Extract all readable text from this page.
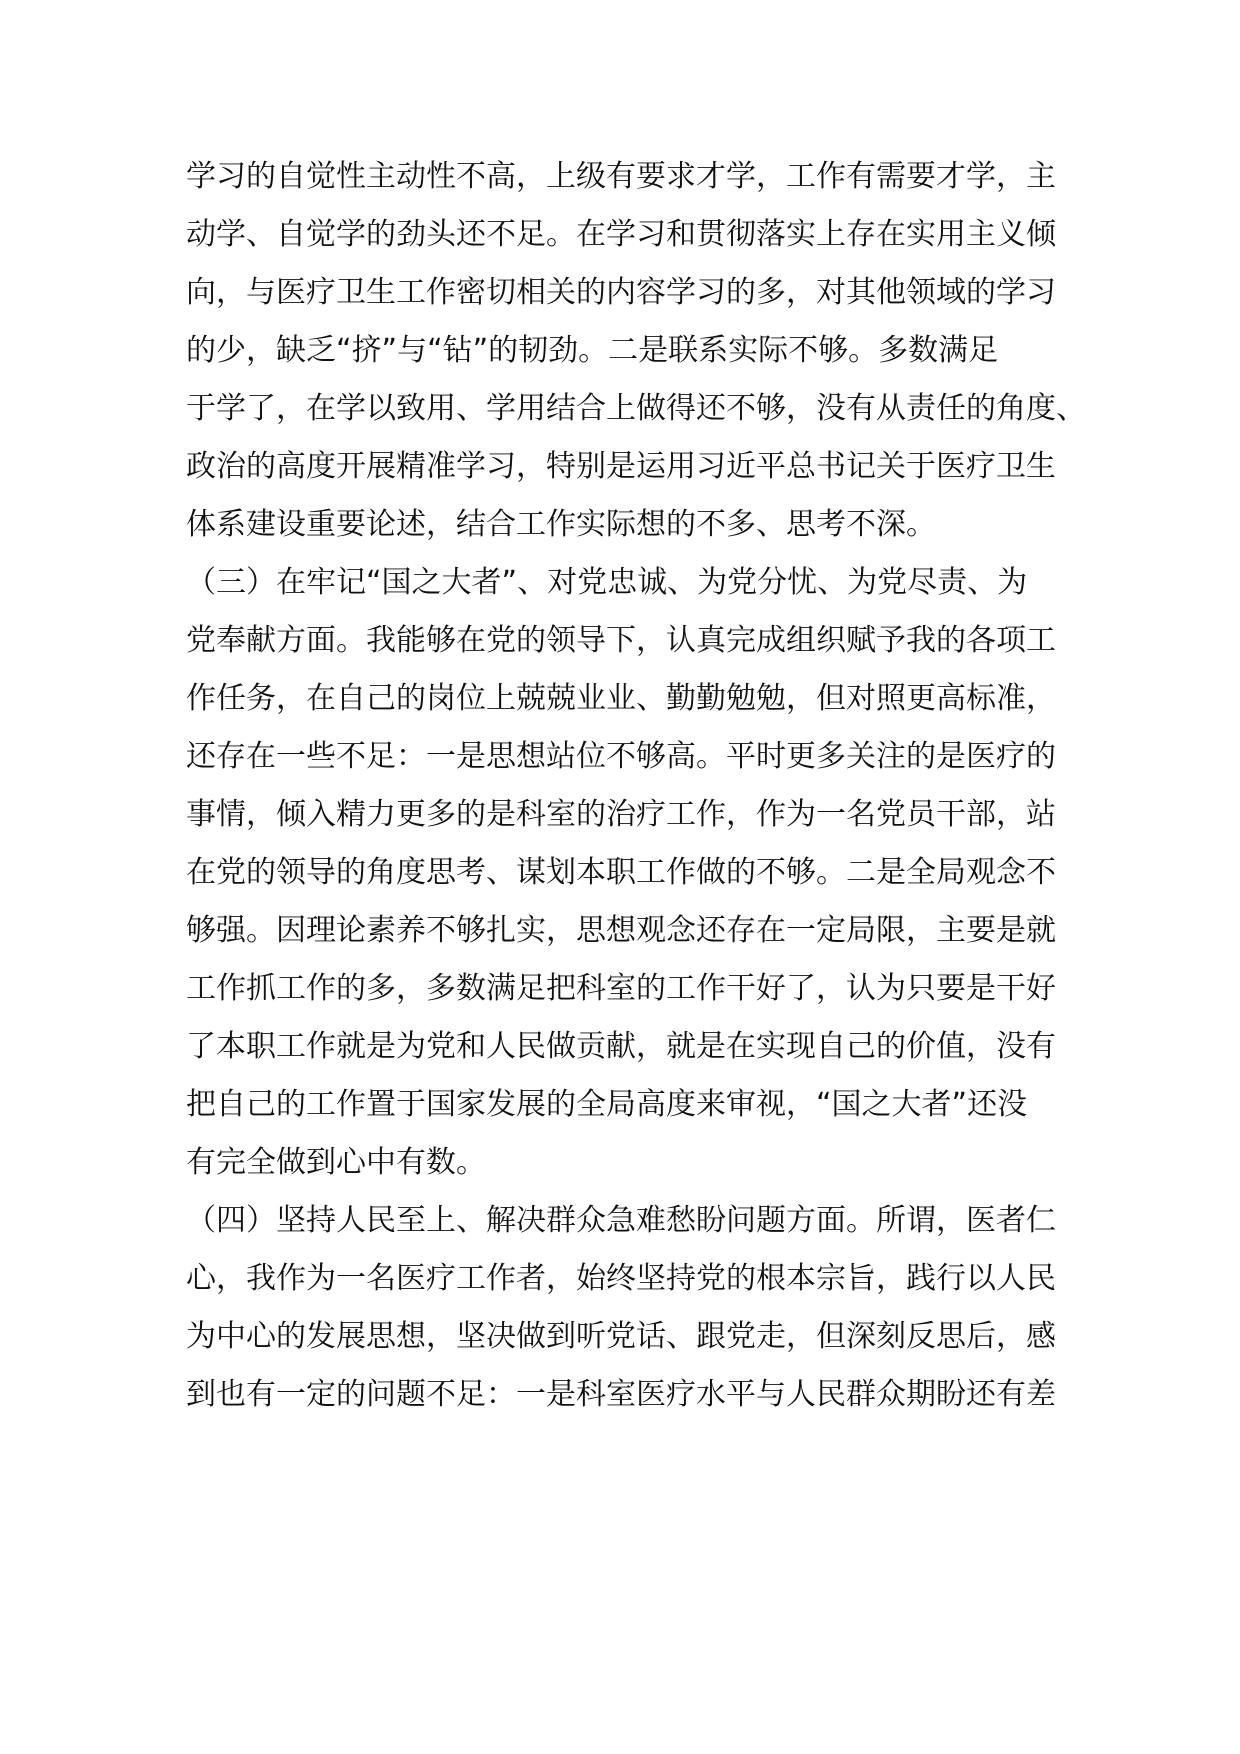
学习的自觉性主动性不高，上级有要求才学，工作有需要才学，主
动学、自觉学的劲头还不足。在学习和贯彻落实上存在实用主义倾
向，与医疗卫生工作密切相关的内容学习的多，对其他领域的学习
的少，缺乏“挤”与“钻”的韧劲。二是联系实际不够。多数满足
于学了，在学以致用、学用结合上做得还不够，没有从责任的角度、
政治的高度开展精准学习，特别是运用习近平总书记关于医疗卫生
体系建设重要论述，结合工作实际想的不多、思考不深。
（三）在牢记“国之大者”、对党忠诚、为党分忧、为党尽责、为
党奉献方面。我能够在党的领导下，认真完成组织赋予我的各项工
作任务，在自己的岗位上兢兢业业、勤勤勉勉，但对照更高标准，
还存在一些不足：一是思想站位不够高。平时更多关注的是医疗的
事情，倾入精力更多的是科室的治疗工作，作为一名党员干部，站
在党的领导的角度思考、谋划本职工作做的不够。二是全局观念不
够强。因理论素养不够扎实，思想观念还存在一定局限，主要是就
工作抓工作的多，多数满足把科室的工作干好了，认为只要是干好
了本职工作就是为党和人民做贡献，就是在实现自己的价值，没有
把自己的工作置于国家发展的全局高度来审视，“国之大者”还没
有完全做到心中有数。
（四）坚持人民至上、解决群众急难愁盼问题方面。所谓，医者仁
心，我作为一名医疗工作者，始终坚持党的根本宗旨，践行以人民
为中心的发展思想，坚决做到听党话、跟党走，但深刻反思后，感
到也有一定的问题不足：一是科室医疗水平与人民群众期盼还有差
